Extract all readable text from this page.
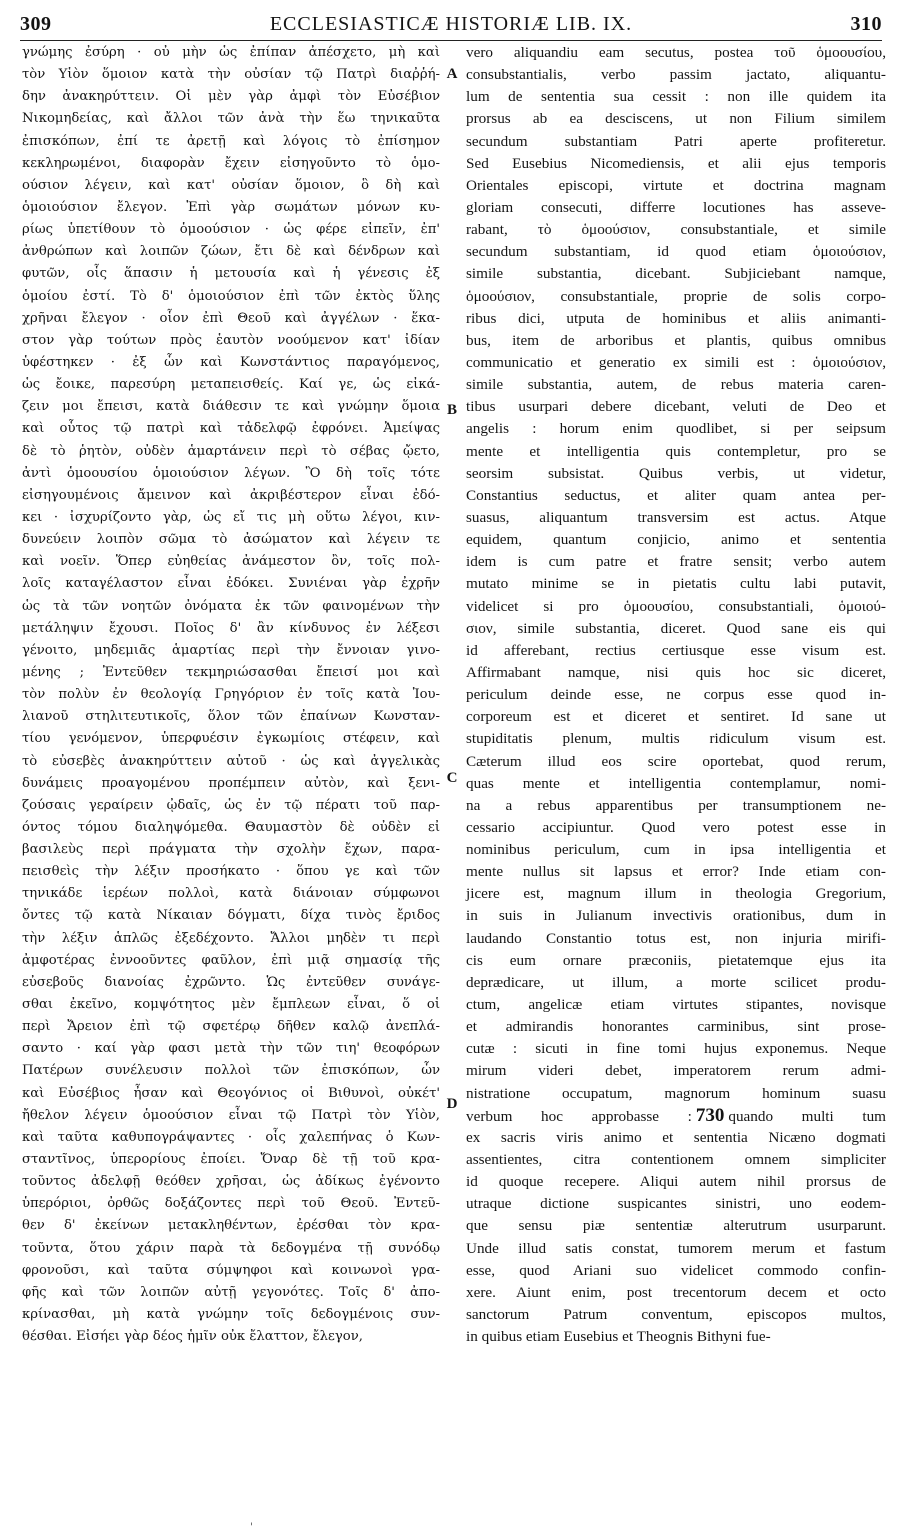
309	ECCLESIASTICÆ HISTORIÆ LIB. IX.	310
γνώμης ἐσύρη · οὐ μὴν ὡς ἐπίπαν ἀπέσχετο, μὴ καὶ
τὸν Υἱὸν ὅμοιον κατὰ τὴν οὐσίαν τῷ Πατρὶ διαῤῥή-
δην ἀνακηρύττειν. Οἱ μὲν γὰρ ἀμφὶ τὸν Εὐσέβιον
Νικομηδείας, καὶ ἄλλοι τῶν ἀνὰ τὴν ἕω τηνικαῦτα
ἐπισκόπων, ἐπί τε ἀρετῇ καὶ λόγοις τὸ ἐπίσημον
κεκληρωμένοι, διαφορὰν ἔχειν εἰσηγοῦντο τὸ ὁμο-
ούσιον λέγειν, καὶ κατ' οὐσίαν ὅμοιον, ὃ δὴ καὶ
ὁμοιούσιον ἔλεγον. Ἐπὶ γὰρ σωμάτων μόνων κυ-
ρίως ὑπετίθουν τὸ ὁμοούσιον · ὡς φέρε εἰπεῖν, ἐπ'
ἀνθρώπων καὶ λοιπῶν ζώων, ἔτι δὲ καὶ δένδρων καὶ
φυτῶν, οἷς ἅπασιν ἡ μετουσία καὶ ἡ γένεσις ἐξ
ὁμοίου ἐστί. Τὸ δ' ὁμοιούσιον ἐπὶ τῶν ἐκτὸς ὕλης
χρῆναι ἔλεγον · οἷον ἐπὶ Θεοῦ καὶ ἀγγέλων · ἕκα-
στον γὰρ τούτων πρὸς ἑαυτὸν νοούμενον κατ' ἰδίαν
ὑφέστηκεν · ἐξ ὧν καὶ Κωνστάντιος παραγόμενος,
ὡς ἔοικε, παρεσύρη μεταπεισθείς. Καί γε, ὡς εἰκά-
ζειν μοι ἔπεισι, κατὰ διάθεσιν τε καὶ γνώμην ὅμοια
καὶ οὗτος τῷ πατρὶ καὶ τἀδελφῷ ἐφρόνει. Ἀμείψας
δὲ τὸ ῥητὸν, οὐδὲν ἁμαρτάνειν περὶ τὸ σέβας ᾤετο,
ἀντὶ ὁμοουσίου ὁμοιούσιον λέγων. Ὃ δὴ τοῖς τότε
εἰσηγουμένοις ἄμεινον καὶ ἀκριβέστερον εἶναι ἐδό-
κει · ἰσχυρίζοντο γὰρ, ὡς εἴ τις μὴ οὕτω λέγοι, κιν-
δυνεύειν λοιπὸν σῶμα τὸ ἀσώματον καὶ λέγειν τε
καὶ νοεῖν. Ὅπερ εὐηθείας ἀνάμεστον ὂν, τοῖς πολ-
λοῖς καταγέλαστον εἶναι ἐδόκει. Συνιέναι γὰρ ἐχρῆν
ὡς τὰ τῶν νοητῶν ὀνόματα ἐκ τῶν φαινομένων τὴν
μετάληψιν ἔχουσι. Ποῖος δ' ἂν κίνδυνος ἐν λέξεσι
γένοιτο, μηδεμιᾶς ἁμαρτίας περὶ τὴν ἔννοιαν γινο-
μένης ; Ἐντεῦθεν τεκμηριώσασθαι ἔπεισί μοι καὶ
τὸν πολὺν ἐν θεολογίᾳ Γρηγόριον ἐν τοῖς κατὰ Ἰου-
λιανοῦ στηλιτευτικοῖς, ὅλον τῶν ἐπαίνων Κωνσταν-
τίου γενόμενον, ὑπερφυέσιν ἐγκωμίοις στέφειν, καὶ
τὸ εὐσεβὲς ἀνακηρύττειν αὐτοῦ · ὡς καὶ ἀγγελικὰς
δυνάμεις προαγομένου προπέμπειν αὐτὸν, καὶ ξενι-
ζούσαις γεραίρειν ᾠδαῖς, ὡς ἐν τῷ πέρατι τοῦ παρ-
όντος τόμου διαληψόμεθα. Θαυμαστὸν δὲ οὐδὲν εἰ
βασιλεὺς περὶ πράγματα τὴν σχολὴν ἔχων, παρα-
πεισθεὶς τὴν λέξιν προσήκατο · ὅπου γε καὶ τῶν
τηνικάδε ἱερέων πολλοὶ, κατὰ διάνοιαν σύμφωνοι
ὄντες τῷ κατὰ Νίκαιαν δόγματι, δίχα τινὸς ἔριδος
τὴν λέξιν ἁπλῶς ἐξεδέχοντο. Ἄλλοι μηδὲν τι περὶ
ἀμφοτέρας ἐννοοῦντες φαῦλον, ἐπὶ μιᾷ σημασίᾳ τῆς
εὐσεβοῦς διανοίας ἐχρῶντο. Ὡς ἐντεῦθεν συνάγε-
σθαι ἐκεῖνο, κομψότητος μὲν ἔμπλεων εἶναι, ὅ οἱ
περὶ Ἄρειον ἐπὶ τῷ σφετέρῳ δῆθεν καλῷ ἀνεπλά-
σαντο · καί γὰρ φασι μετὰ τὴν τῶν τιη' θεοφόρων
Πατέρων συνέλευσιν πολλοὶ τῶν ἐπισκόπων, ὧν
καὶ Εὐσέβιος ἦσαν καὶ Θεογόνιος οἱ Βιθυνοὶ, οὐκέτ'
ἤθελον λέγειν ὁμοούσιον εἶναι τῷ Πατρὶ τὸν Υἱὸν,
καὶ ταῦτα καθυπογράψαντες · οἷς χαλεπήνας ὁ Κων-
σταντῖνος, ὑπερορίους ἐποίει. Ὄναρ δὲ τῇ τοῦ κρα-
τοῦντος ἀδελφῇ θεόθεν χρῆσαι, ὡς ἀδίκως ἐγένοντο
ὑπερόριοι, ὀρθῶς δοξάζοντες περὶ τοῦ Θεοῦ. Ἐντεῦ-
θεν δ' ἐκείνων μετακληθέντων, ἐρέσθαι τὸν κρα-
τοῦντα, ὅτου χάριν παρὰ τὰ δεδογμένα τῇ συνόδῳ
φρονοῦσι, καὶ ταῦτα σύμψηφοι καὶ κοινωνοὶ γρα-
φῆς καὶ τῶν λοιπῶν αὐτῇ γεγονότες. Τοῖς δ' ἀπο-
κρίνασθαι, μὴ κατὰ γνώμην τοῖς δεδογμένοις συν-
θέσθαι. Εἰσήει γὰρ δέος ἡμῖν οὐκ ἔλαττον, ἔλεγον,
A
B
C
D
vero aliquandiu eam secutus, postea τοῦ ὁμοουσίου,
consubstantialis, verbo passim jactato, aliquantu-
lum de sententia sua cessit : non ille quidem ita
prorsus ab ea desciscens, ut non Filium similem
secundum substantiam Patri aperte profiteretur.
Sed Eusebius Nicomediensis, et alii ejus temporis
Orientales episcopi, virtute et doctrina magnam
gloriam consecuti, differre locutiones has asseve-
rabant, τὸ ὁμοούσιον, consubstantiale, et simile
secundum substantiam, id quod etiam ὁμοιούσιον,
simile substantia, dicebant. Subjiciebant namque,
ὁμοούσιον, consubstantiale, proprie de solis corpo-
ribus dici, utputa de hominibus et aliis animanti-
bus, item de arboribus et plantis, quibus omnibus
communicatio et generatio ex simili est : ὁμοιούσιον,
simile substantia, autem, de rebus materia caren-
tibus usurpari debere dicebant, veluti de Deo et
angelis : horum enim quodlibet, si per seipsum
mente et intelligentia quis contempletur, pro se
seorsim subsistat. Quibus verbis, ut videtur,
Constantius seductus, et aliter quam antea per-
suasus, aliquantum transversim est actus. Atque
equidem, quantum conjicio, animo et sententia
idem is cum patre et fratre sensit; verbo autem
mutato minime se in pietatis cultu labi putavit,
videlicet si pro ὁμοουσίου, consubstantiali, ὁμοιού-
σιον, simile substantia, diceret. Quod sane eis qui
id afferebant, rectius certiusque esse visum est.
Affirmabant namque, nisi quis hoc sic diceret,
periculum deinde esse, ne corpus esse quod in-
corporeum est et diceret et sentiret. Id sane ut
stupiditatis plenum, multis ridiculum visum est.
Cæterum illud eos scire oportebat, quod rerum,
quas mente et intelligentia contemplamur, nomi-
na a rebus apparentibus per transumptionem ne-
cessario accipiuntur. Quod vero potest esse in
nominibus periculum, cum in ipsa intelligentia et
mente nullus sit lapsus et error? Inde etiam con-
jicere est, magnum illum in theologia Gregorium,
in suis in Julianum invectivis orationibus, dum in
laudando Constantio totus est, non injuria mirifi-
cis eum ornare præconiis, pietatemque ejus ita
deprædicare, ut illum, a morte scilicet produ-
ctum, angelicæ etiam virtutes stipantes, novisque
et admirandis honorantes carminibus, sint prose-
cutæ : sicuti in fine tomi hujus exponemus. Neque
mirum videri debet, imperatorem rerum admi-
nistratione occupatum, magnorum hominum suasu
verbum hoc approbasse : 730 quando multi tum
ex sacris viris animo et sententia Nicæno dogmati
assentientes, citra contentionem omnem simpliciter
id quoque recepere. Aliqui autem nihil prorsus de
utraque dictione suspicantes sinistri, uno eodem-
que sensu piæ sententiæ alterutrum usurparunt.
Unde illud satis constat, tumorem merum et fastum
esse, quod Ariani suo videlicet commodo confin-
xere. Aiunt enim, post trecentorum decem et octo
sanctorum Patrum conventum, episcopos multos,
in quibus etiam Eusebius et Theognis Bithyni fue-
'
